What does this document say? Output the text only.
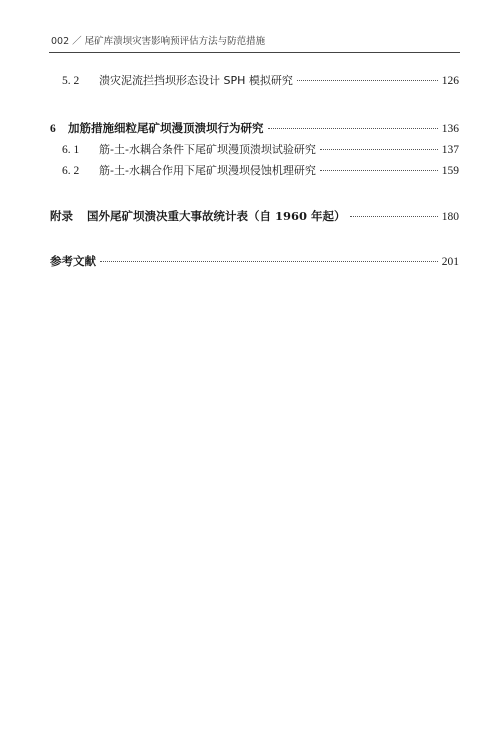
002 ／ 尾矿库溃坝灾害影响预评估方法与防范措施
5. 2	溃灾泥流拦挡坝形态设计 SPH 模拟研究	126
6	加筋措施细粒尾矿坝漫顶溃坝行为研究	136
6. 1	筋-土-水耦合条件下尾矿坝漫顶溃坝试验研究	137
6. 2	筋-土-水耦合作用下尾矿坝漫坝侵蚀机理研究	159
附录	国外尾矿坝溃决重大事故统计表（自 1960 年起）	180
参考文献	201
